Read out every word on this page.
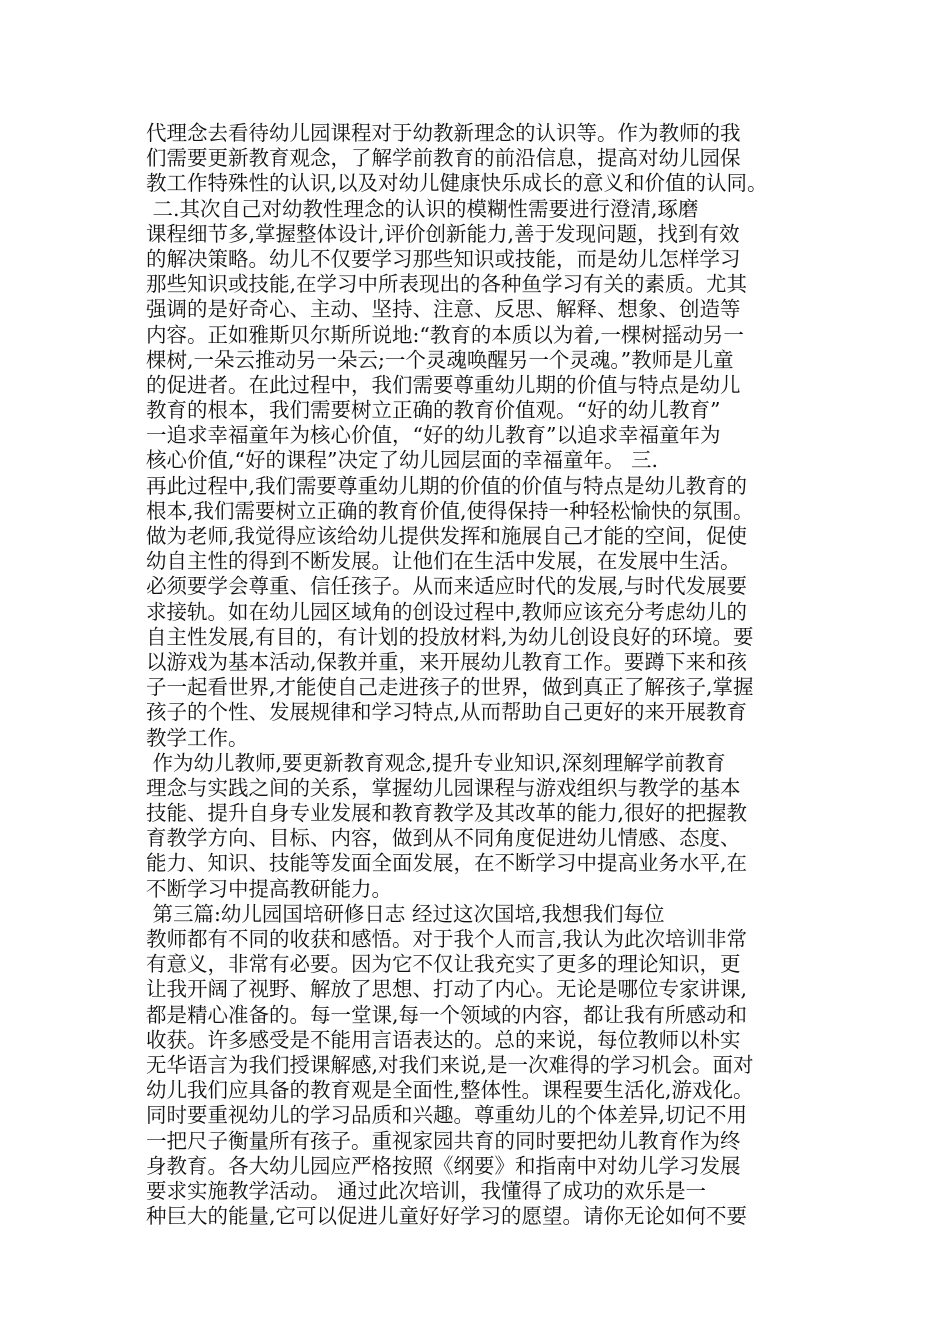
代理念去看待幼儿园课程对于幼教新理念的认识等。作为教师的我
们需要更新教育观念，了解学前教育的前沿信息，提高对幼儿园保
教工作特殊性的认识,以及对幼儿健康快乐成长的意义和价值的认同。
￼ 二.其次自己对幼教性理念的认识的模糊性需要进行澄清,琢磨
课程细节多,掌握整体设计,评价创新能力,善于发现问题，找到有效
的解决策略。幼儿不仅要学习那些知识或技能，而是幼儿怎样学习
那些知识或技能,在学习中所表现出的各种鱼学习有关的素质。尤其
强调的是好奇心、主动、坚持、注意、反思、解释、想象、创造等
内容。正如雅斯贝尔斯所说地:“教育的本质以为着,一棵树摇动另一
棵树,一朵云推动另一朵云;一个灵魂唤醒另一个灵魂。”教师是儿童
的促进者。在此过程中，我们需要尊重幼儿期的价值与特点是幼儿
教育的根本，我们需要树立正确的教育价值观。“好的幼儿教育”
一追求幸福童年为核心价值，“好的幼儿教育”以追求幸福童年为
核心价值,“好的课程”决定了幼儿园层面的幸福童年。￼ 三.
再此过程中,我们需要尊重幼儿期的价值的价值与特点是幼儿教育的
根本,我们需要树立正确的教育价值,使得保持一种轻松愉快的氛围。
做为老师,我觉得应该给幼儿提供发挥和施展自己才能的空间，促使
幼自主性的得到不断发展。让他们在生活中发展，在发展中生活。
必须要学会尊重、信任孩子。从而来适应时代的发展,与时代发展要
求接轨。如在幼儿园区域角的创设过程中,教师应该充分考虑幼儿的
自主性发展,有目的，有计划的投放材料,为幼儿创设良好的环境。要
以游戏为基本活动,保教并重，来开展幼儿教育工作。要蹲下来和孩
子一起看世界,才能使自己走进孩子的世界，做到真正了解孩子,掌握
孩子的个性、发展规律和学习特点,从而帮助自己更好的来开展教育
教学工作。
￼ 作为幼儿教师,要更新教育观念,提升专业知识,深刻理解学前教育
理念与实践之间的关系，掌握幼儿园课程与游戏组织与教学的基本
技能、提升自身专业发展和教育教学及其改革的能力,很好的把握教
育教学方向、目标、内容，做到从不同角度促进幼儿情感、态度、
能力、知识、技能等发面全面发展，在不断学习中提高业务水平,在
不断学习中提高教研能力。￼
￼ 第三篇:幼儿园国培研修日志￼ 经过这次国培,我想我们每位
教师都有不同的收获和感悟。对于我个人而言,我认为此次培训非常
有意义，非常有必要。因为它不仅让我充实了更多的理论知识，更
让我开阔了视野、解放了思想、打动了内心。无论是哪位专家讲课,
都是精心准备的。每一堂课,每一个领域的内容，都让我有所感动和
收获。许多感受是不能用言语表达的。总的来说，每位教师以朴实
无华语言为我们授课解感,对我们来说,是一次难得的学习机会。面对
幼儿我们应具备的教育观是全面性,整体性。课程要生活化,游戏化。
同时要重视幼儿的学习品质和兴趣。尊重幼儿的个体差异,切记不用
一把尺子衡量所有孩子。重视家园共育的同时要把幼儿教育作为终
身教育。各大幼儿园应严格按照《纲要》和指南中对幼儿学习发展
要求实施教学活动。￼ 通过此次培训，我懂得了成功的欢乐是一
种巨大的能量,它可以促进儿童好好学习的愿望。请你无论如何不要
